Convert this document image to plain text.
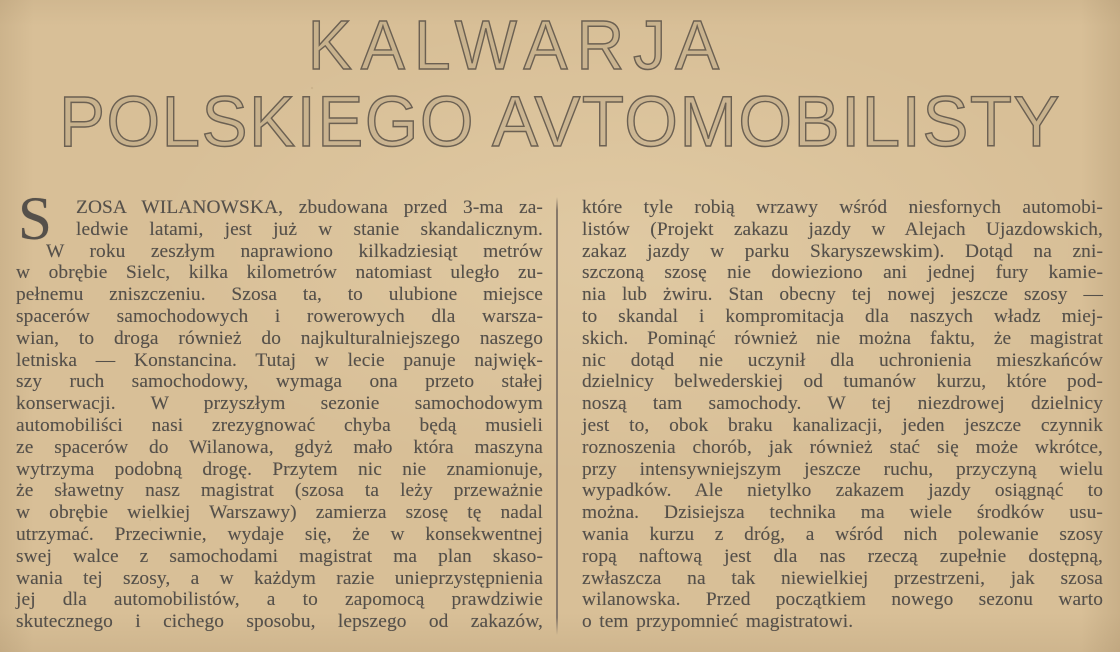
KALWARJA
POLSKIEGO AVTOMOBILISTY
S ZOSA WILANOWSKA, zbudowana przed 3-ma za-
ledwie latami, jest już w stanie skandalicznym.
W roku zeszłym naprawiono kilkadziesiąt metrów
w obrębie Sielc, kilka kilometrów natomiast uległo zu-
pełnemu zniszczeniu. Szosa ta, to ulubione miejsce
spacerów samochodowych i rowerowych dla warsza-
wian, to droga również do najkulturalniejszego naszego
letniska — Konstancina. Tutaj w lecie panuje najwięk-
szy ruch samochodowy, wymaga ona przeto stałej
konserwacji. W przyszłym sezonie samochodowym
automobiliści nasi zrezygnować chyba będą musieli
ze spacerów do Wilanowa, gdyż mało która maszyna
wytrzyma podobną drogę. Przytem nic nie znamionuje,
że sławetny nasz magistrat (szosa ta leży przeważnie
w obrębie wielkiej Warszawy) zamierza szosę tę nadal
utrzymać. Przeciwnie, wydaje się, że w konsekwentnej
swej walce z samochodami magistrat ma plan skaso-
wania tej szosy, a w każdym razie unieprzystępnienia
jej dla automobilistów, a to zapomocą prawdziwie
skutecznego i cichego sposobu, lepszego od zakazów,
które tyle robią wrzawy wśród niesfornych automobi-
listów (Projekt zakazu jazdy w Alejach Ujazdowskich,
zakaz jazdy w parku Skaryszewskim). Dotąd na zni-
szczoną szosę nie dowieziono ani jednej fury kamie-
nia lub żwiru. Stan obecny tej nowej jeszcze szosy —
to skandal i kompromitacja dla naszych władz miej-
skich. Pominąć również nie można faktu, że magistrat
nic dotąd nie uczynił dla uchronienia mieszkańców
dzielnicy belwederskiej od tumanów kurzu, które pod-
noszą tam samochody. W tej niezdrowej dzielnicy
jest to, obok braku kanalizacji, jeden jeszcze czynnik
roznoszenia chorób, jak również stać się może wkrótce,
przy intensywniejszym jeszcze ruchu, przyczyną wielu
wypadków. Ale nietylko zakazem jazdy osiągnąć to
można. Dzisiejsza technika ma wiele środków usu-
wania kurzu z dróg, a wśród nich polewanie szosy
ropą naftową jest dla nas rzeczą zupełnie dostępną,
zwłaszcza na tak niewielkiej przestrzeni, jak szosa
wilanowska. Przed początkiem nowego sezonu warto
o tem przypomnieć magistratowi.
